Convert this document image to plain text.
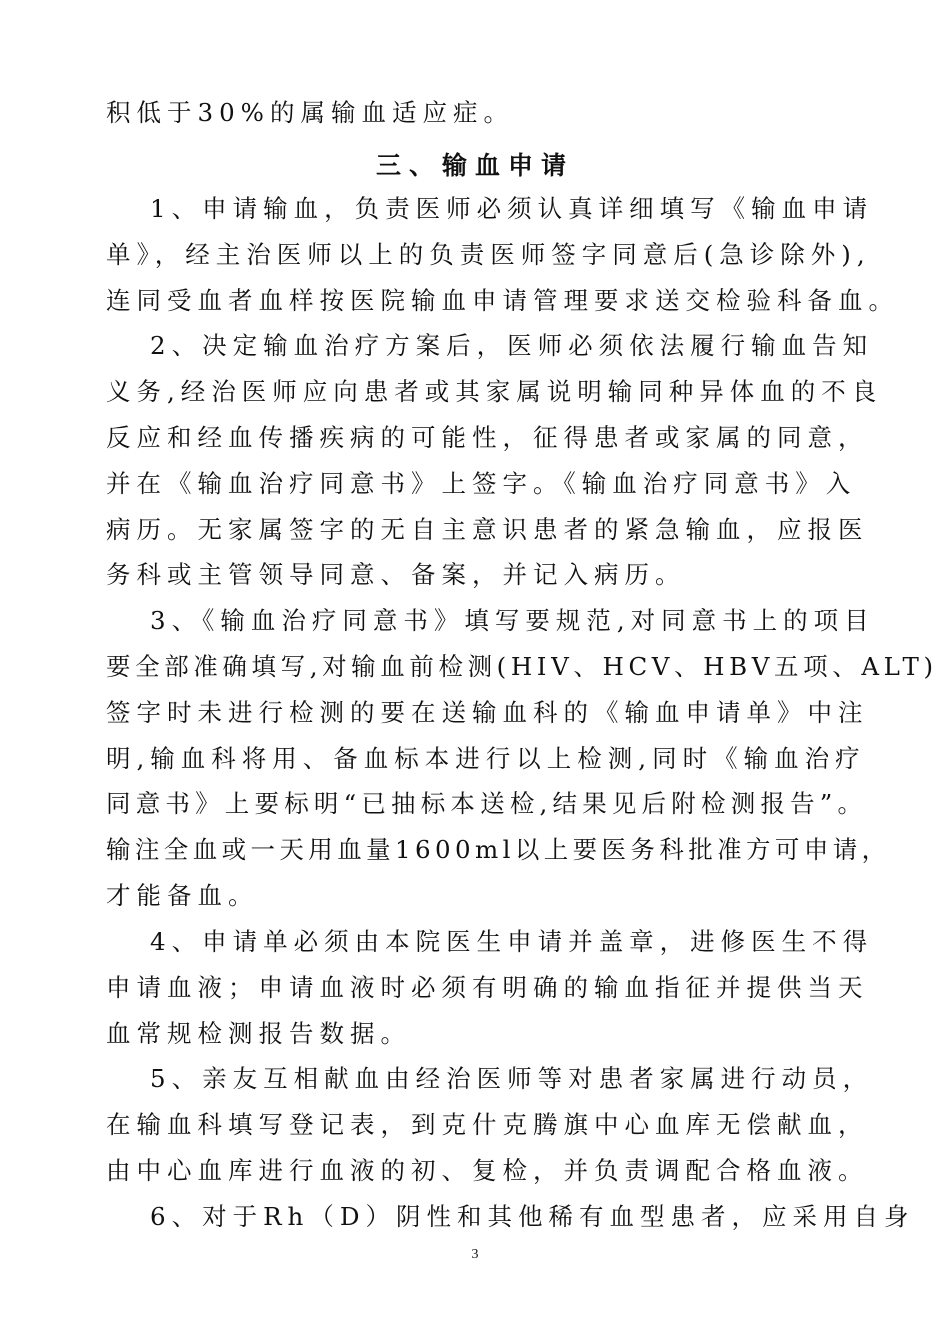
积低于30%的属输血适应症。
三、输血申请
1、申请输血，负责医师必须认真详细填写《输血申请
单》，经主治医师以上的负责医师签字同意后(急诊除外),
连同受血者血样按医院输血申请管理要求送交检验科备血。
2、决定输血治疗方案后，医师必须依法履行输血告知
义务,经治医师应向患者或其家属说明输同种异体血的不良
反应和经血传播疾病的可能性，征得患者或家属的同意，
并在《输血治疗同意书》上签字。《输血治疗同意书》入
病历。无家属签字的无自主意识患者的紧急输血，应报医
务科或主管领导同意、备案，并记入病历。
3、《输血治疗同意书》填写要规范,对同意书上的项目
要全部准确填写,对输血前检测(HIV、HCV、HBV五项、ALT)
签字时未进行检测的要在送输血科的《输血申请单》中注
明,输血科将用、备血标本进行以上检测,同时《输血治疗
同意书》上要标明“已抽标本送检,结果见后附检测报告”。
输注全血或一天用血量1600ml以上要医务科批准方可申请，
才能备血。
4、申请单必须由本院医生申请并盖章，进修医生不得
申请血液；申请血液时必须有明确的输血指征并提供当天
血常规检测报告数据。
5、亲友互相献血由经治医师等对患者家属进行动员，
在输血科填写登记表，到克什克腾旗中心血库无偿献血，
由中心血库进行血液的初、复检，并负责调配合格血液。
6、对于Rh（D）阴性和其他稀有血型患者，应采用自身
3
